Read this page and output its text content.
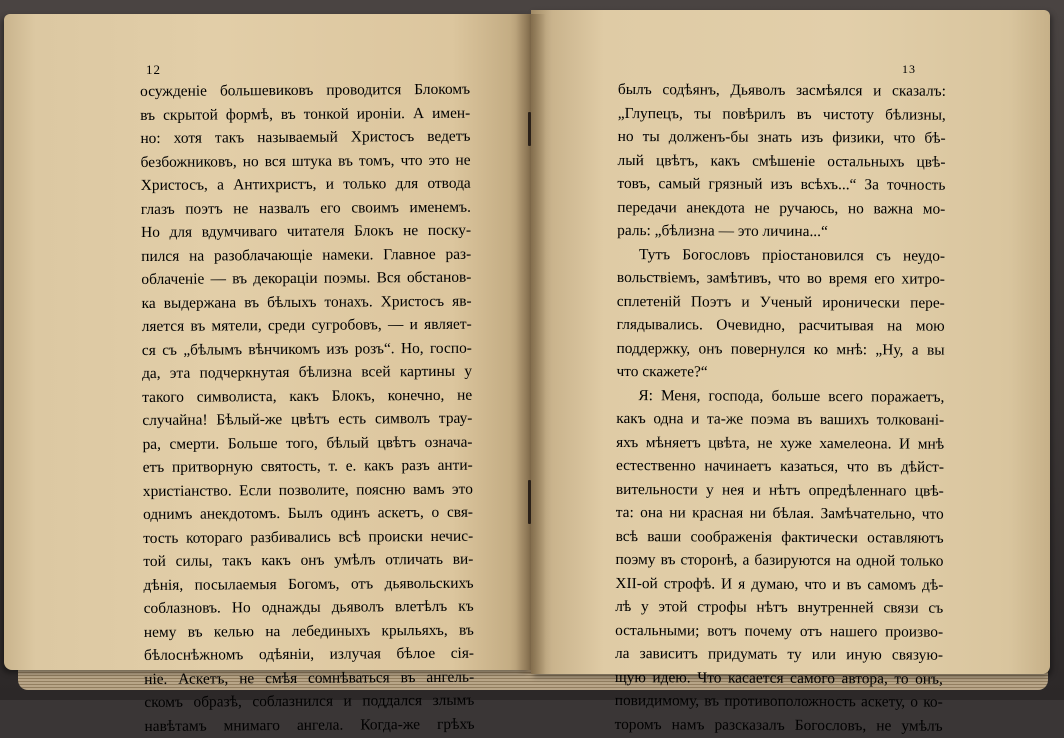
12	13
осужденіе большевиковъ проводится Блокомъ
въ скрытой формѣ, въ тонкой ироніи. А имен-
но: хотя такъ называемый Христосъ ведетъ
безбожниковъ, но вся штука въ томъ, что это не
Христосъ, а Антихристъ, и только для отвода
глазъ поэтъ не назвалъ его своимъ именемъ.
Но для вдумчиваго читателя Блокъ не поску-
пился на разоблачающіе намеки. Главное раз-
облаченіе — въ декораціи поэмы. Вся обстанов-
ка выдержана въ бѣлыхъ тонахъ. Христосъ яв-
ляется въ мятели, среди сугробовъ, — и являет-
ся съ „бѣлымъ вѣнчикомъ изъ розъ“. Но, госпо-
да, эта подчеркнутая бѣлизна всей картины у
такого символиста, какъ Блокъ, конечно, не
случайна! Бѣлый-же цвѣтъ есть символъ трау-
ра, смерти. Больше того, бѣлый цвѣтъ означа-
етъ притворную святость, т. е. какъ разъ анти-
христіанство. Если позволите, поясню вамъ это
однимъ анекдотомъ. Былъ одинъ аскетъ, о свя-
тость котораго разбивались всѣ происки нечис-
той силы, такъ какъ онъ умѣлъ отличать ви-
дѣнія, посылаемыя Богомъ, отъ дьявольскихъ
соблазновъ. Но однажды дьяволъ влетѣлъ къ
нему въ келью на лебединыхъ крыльяхъ, въ
бѣлоснѣжномъ одѣяніи, излучая бѣлое сія-
ніе. Аскетъ, не смѣя сомнѣваться въ ангель-
скомъ образѣ, соблазнился и поддался злымъ
навѣтамъ мнимаго ангела. Когда-же грѣхъ
былъ содѣянъ, Дьяволъ засмѣялся и сказалъ:
„Глупецъ, ты повѣрилъ въ чистоту бѣлизны,
но ты долженъ-бы знать изъ физики, что бѣ-
лый цвѣтъ, какъ смѣшеніе остальныхъ цвѣ-
товъ, самый грязный изъ всѣхъ...“ За точность
передачи анекдота не ручаюсь, но важна мо-
раль: „бѣлизна — это личина...“
Тутъ Богословъ пріостановился съ неудо-
вольствіемъ, замѣтивъ, что во время его хитро-
сплетеній Поэтъ и Ученый иронически пере-
глядывались. Очевидно, расчитывая на мою
поддержку, онъ повернулся ко мнѣ: „Ну, а вы
что скажете?“
Я: Меня, господа, больше всего поражаетъ,
какъ одна и та-же поэма въ вашихъ толкованi-
яхъ мѣняетъ цвѣта, не хуже хамелеона. И мнѣ
естественно начинаетъ казаться, что въ дѣйст-
вительности у нея и нѣтъ опредѣленнаго цвѣ-
та: она ни красная ни бѣлая. Замѣчательно, что
всѣ ваши соображенія фактически оставляютъ
поэму въ сторонѣ, а базируются на одной только
XII-ой строфѣ. И я думаю, что и въ самомъ дѣ-
лѣ у этой строфы нѣтъ внутренней связи съ
остальными; вотъ почему отъ нашего произво-
ла зависитъ придумать ту или иную связую-
щую идею. Что касается самого автора, то онъ,
повидимому, въ противоположность аскету, о ко-
торомъ намъ разсказалъ Богословъ, не умѣлъ
